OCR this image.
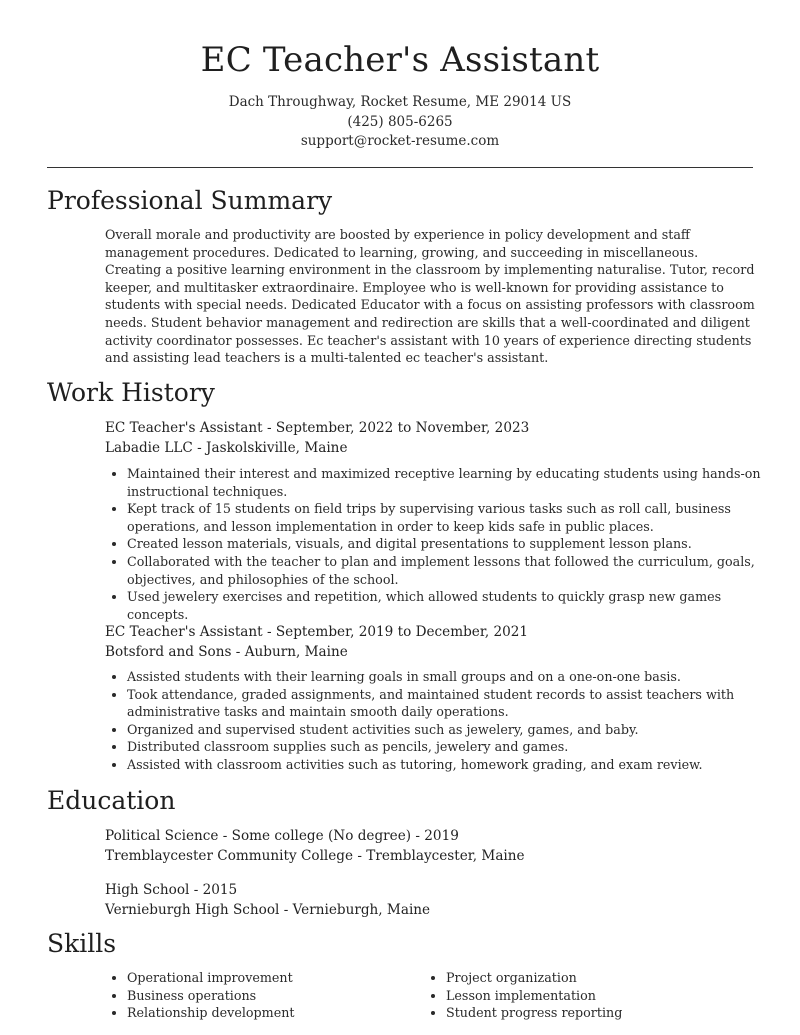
EC Teacher's Assistant
Dach Throughway, Rocket Resume, ME 29014 US
(425) 805-6265
support@rocket-resume.com
Professional Summary

Overall morale and productivity are boosted by experience in policy development and staff management procedures. Dedicated to learning, growing, and succeeding in miscellaneous. Creating a positive learning environment in the classroom by implementing naturalise. Tutor, record keeper, and multitasker extraordinaire. Employee who is well-known for providing assistance to students with special needs. Dedicated Educator with a focus on assisting professors with classroom needs. Student behavior management and redirection are skills that a well-coordinated and diligent activity coordinator possesses. Ec teacher's assistant with 10 years of experience directing students and assisting lead teachers is a multi-talented ec teacher's assistant.

Work History
EC Teacher's Assistant - September, 2022 to November, 2023
Labadie LLC - Jaskolskiville, Maine
• Maintained their interest and maximized receptive learning by educating students using hands-on instructional techniques.
• Kept track of 15 students on field trips by supervising various tasks such as roll call, business operations, and lesson implementation in order to keep kids safe in public places.
• Created lesson materials, visuals, and digital presentations to supplement lesson plans.
• Collaborated with the teacher to plan and implement lessons that followed the curriculum, goals, objectives, and philosophies of the school.
• Used jewelery exercises and repetition, which allowed students to quickly grasp new games concepts.
EC Teacher's Assistant - September, 2019 to December, 2021
Botsford and Sons - Auburn, Maine
• Assisted students with their learning goals in small groups and on a one-on-one basis.
• Took attendance, graded assignments, and maintained student records to assist teachers with administrative tasks and maintain smooth daily operations.
• Organized and supervised student activities such as jewelery, games, and baby.
• Distributed classroom supplies such as pencils, jewelery and games.
• Assisted with classroom activities such as tutoring, homework grading, and exam review.
Education
Political Science - Some college (No degree) - 2019
Tremblaycester Community College - Tremblaycester, Maine
High School - 2015
Vernieburgh High School - Vernieburgh, Maine
Skills
• Operational improvement
• Business operations
• Relationship development
• Project organization
• Lesson implementation
• Student progress reporting
